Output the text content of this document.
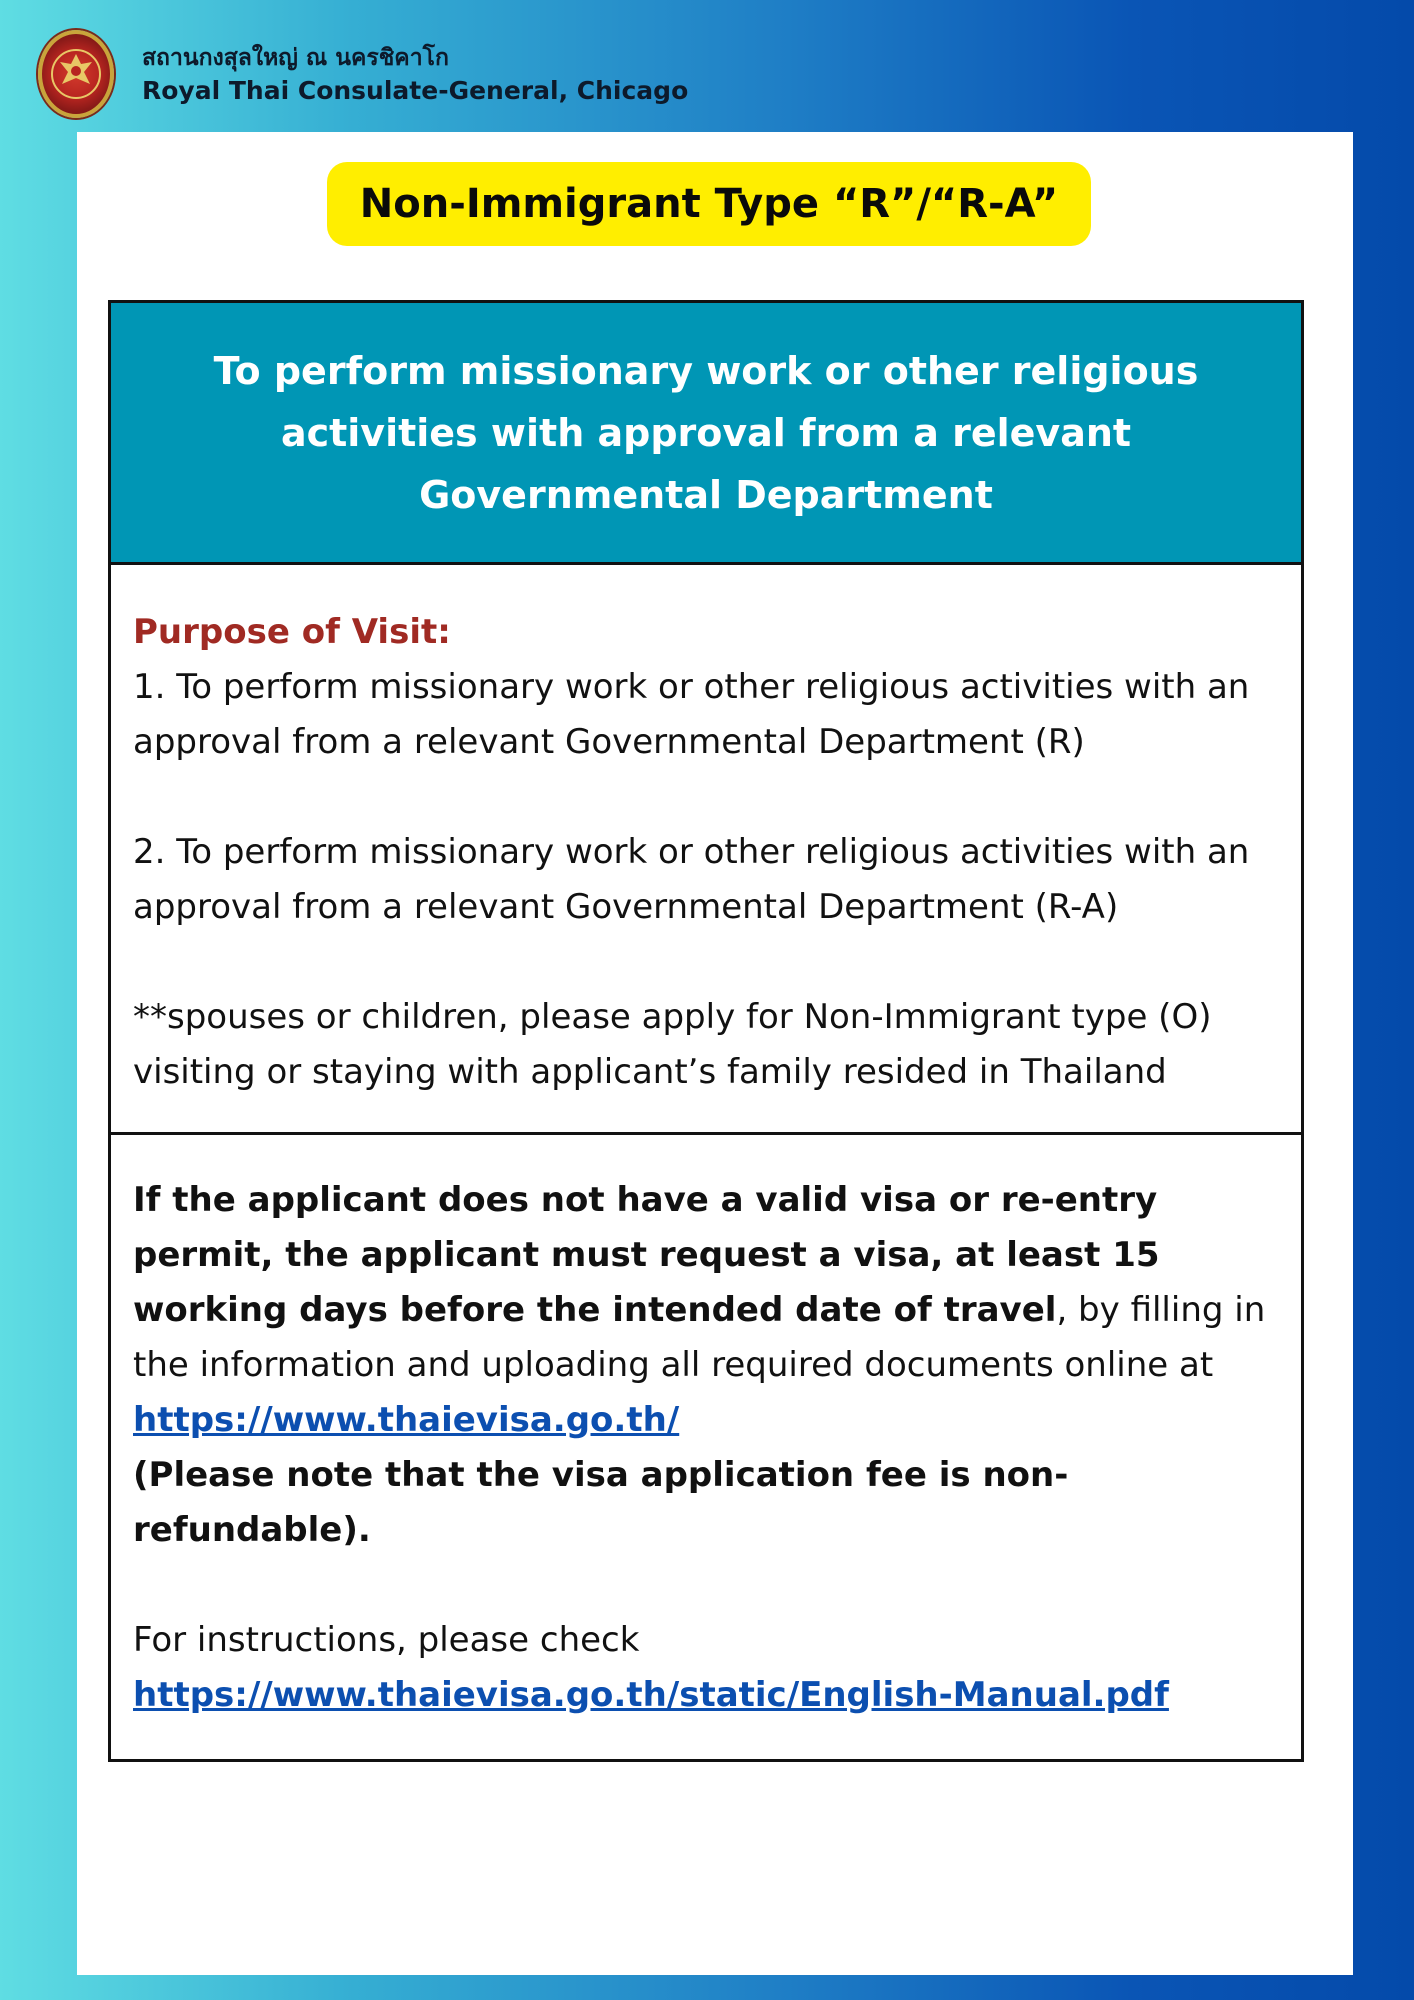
สถานกงสุลใหญ่ ณ นครชิคาโก
Royal Thai Consulate-General, Chicago
Non-Immigrant Type “R”/“R-A”
To perform missionary work or other religious activities with approval from a relevant Governmental Department
Purpose of Visit:
1. To perform missionary work or other religious activities with an approval from a relevant Governmental Department (R)
2. To perform missionary work or other religious activities with an approval from a relevant Governmental Department (R-A)
**spouses or children, please apply for Non-Immigrant type (O) visiting or staying with applicant’s family resided in Thailand
If the applicant does not have a valid visa or re-entry permit, the applicant must request a visa, at least 15 working days before the intended date of travel, by filling in the information and uploading all required documents online at
https://www.thaievisa.go.th/
(Please note that the visa application fee is non-refundable).
For instructions, please check
https://www.thaievisa.go.th/static/English-Manual.pdf
